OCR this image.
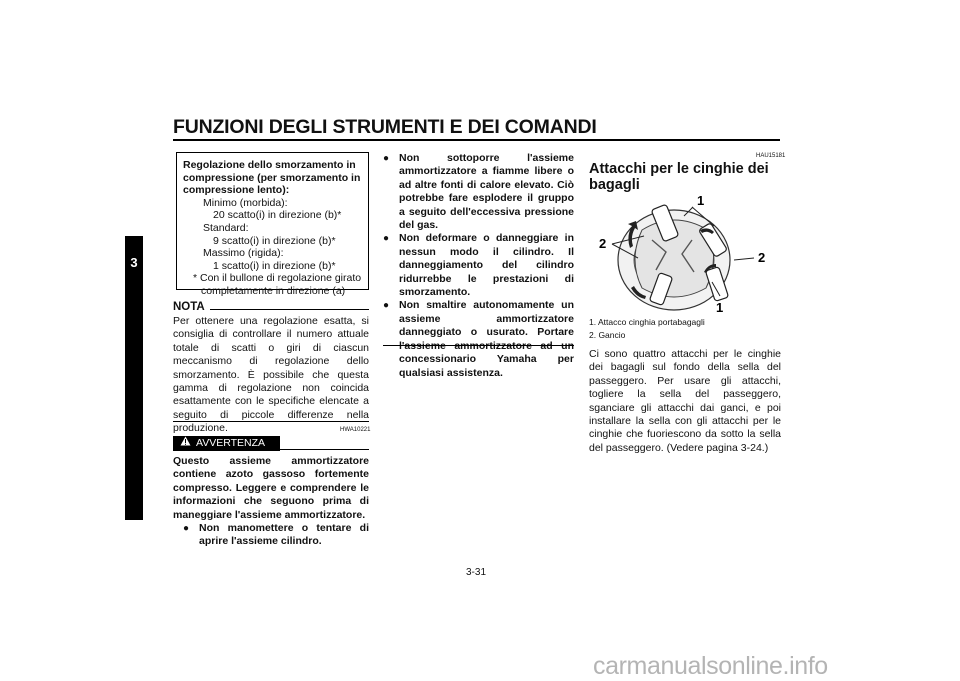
FUNZIONI DEGLI STRUMENTI E DEI COMANDI
3
Regolazione dello smorzamento in compressione (per smorzamento in compressione lento):
Minimo (morbida):
20 scatto(i) in direzione (b)*
Standard:
9 scatto(i) in direzione (b)*
Massimo (rigida):
1 scatto(i) in direzione (b)*
* Con il bullone di regolazione girato completamente in direzione (a)
NOTA
Per ottenere una regolazione esatta, si consiglia di controllare il numero attuale totale di scatti o giri di ciascun meccanismo di regolazione dello smorzamento. È possibile che questa gamma di regolazione non coincida esattamente con le specifiche elencate a seguito di piccole differenze nella produzione.	HWA10221
AVVERTENZA
Questo assieme ammortizzatore contiene azoto gassoso fortemente compresso. Leggere e comprendere le informazioni che seguono prima di maneggiare l'assieme ammortizzatore.
● Non manomettere o tentare di aprire l'assieme cilindro.
● Non sottoporre l'assieme ammortizzatore a fiamme libere o ad altre fonti di calore elevato. Ciò potrebbe fare esplodere il gruppo a seguito dell'eccessiva pressione del gas.
● Non deformare o danneggiare in nessun modo il cilindro. Il danneggiamento del cilindro ridurrebbe le prestazioni di smorzamento.
● Non smaltire autonomamente un assieme ammortizzatore danneggiato o usurato. Portare concessionario Yamaha per qualsiasi assistenza.
HAU15181
Attacchi per le cinghie dei bagagli
1
2
2
1
1. Attacco cinghia portabagagli
2. Gancio
Ci sono quattro attacchi per le cinghie dei bagagli sul fondo della sella del passeggero. Per usare gli attacchi, togliere la sella del passeggero, sganciare gli attacchi dai ganci, e poi installare la sella con gli attacchi per le cinghie che fuoriescono da sotto la sella del passeggero. (Vedere pagina 3-24.)
3-31
carmanualsonline.info
